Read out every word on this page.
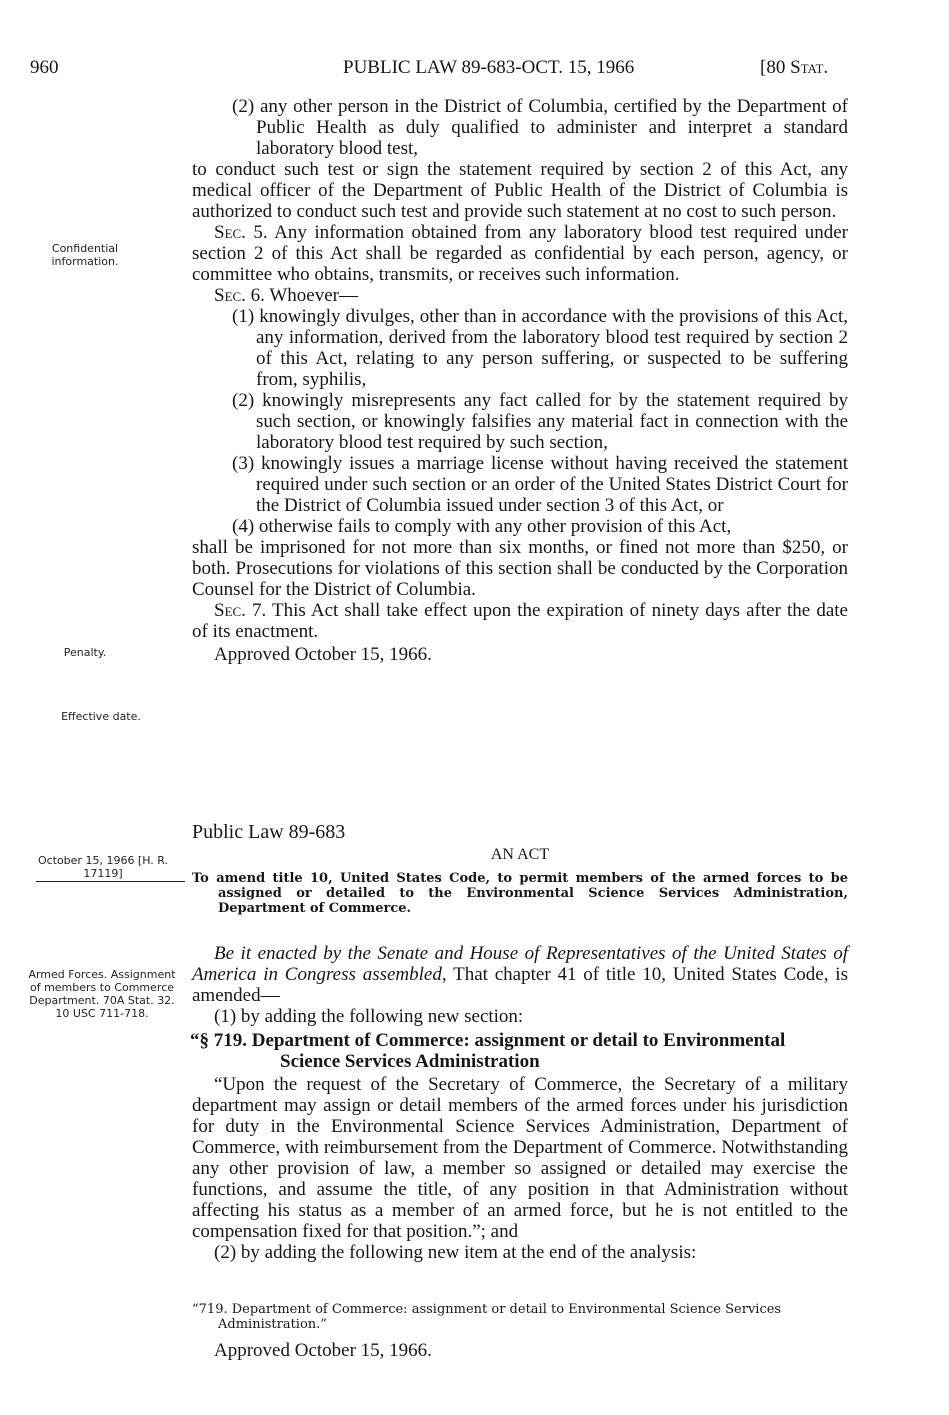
960	PUBLIC LAW 89-683-OCT. 15, 1966	[80 Stat.
Confidential information.
Penalty.
Effective date.
October 15, 1966 [H. R. 17119]
Armed Forces. Assignment of members to Commerce Department. 70A Stat. 32. 10 USC 711-718.

(2) any other person in the District of Columbia, certified by the Department of Public Health as duly qualified to administer and interpret a standard laboratory blood test,

to conduct such test or sign the statement required by section 2 of this Act, any medical officer of the Department of Public Health of the District of Columbia is authorized to conduct such test and provide such statement at no cost to such person.

Sec. 5. Any information obtained from any laboratory blood test required under section 2 of this Act shall be regarded as confidential by each person, agency, or committee who obtains, transmits, or receives such information.

Sec. 6. Whoever—

(1) knowingly divulges, other than in accordance with the provisions of this Act, any information, derived from the laboratory blood test required by section 2 of this Act, relating to any person suffering, or suspected to be suffering from, syphilis,

(2) knowingly misrepresents any fact called for by the statement required by such section, or knowingly falsifies any material fact in connection with the laboratory blood test required by such section,

(3) knowingly issues a marriage license without having received the statement required under such section or an order of the United States District Court for the District of Columbia issued under section 3 of this Act, or

(4) otherwise fails to comply with any other provision of this Act,

shall be imprisoned for not more than six months, or fined not more than $250, or both. Prosecutions for violations of this section shall be conducted by the Corporation Counsel for the District of Columbia.

Sec. 7. This Act shall take effect upon the expiration of ninety days after the date of its enactment.

Approved October 15, 1966.

Public Law 89-683
AN ACT
To amend title 10, United States Code, to permit members of the armed forces to be assigned or detailed to the Environmental Science Services Administration, Department of Commerce.

Be it enacted by the Senate and House of Representatives of the United States of America in Congress assembled, That chapter 41 of title 10, United States Code, is amended—

(1) by adding the following new section:

“§ 719. Department of Commerce: assignment or detail to Environmental Science Services Administration

“Upon the request of the Secretary of Commerce, the Secretary of a military department may assign or detail members of the armed forces under his jurisdiction for duty in the Environmental Science Services Administration, Department of Commerce, with reimbursement from the Department of Commerce. Notwithstanding any other provision of law, a member so assigned or detailed may exercise the functions, and assume the title, of any position in that Administration without affecting his status as a member of an armed force, but he is not entitled to the compensation fixed for that position.”; and

(2) by adding the following new item at the end of the analysis:

“719. Department of Commerce: assignment or detail to Environmental Science Services Administration.”
Approved October 15, 1966.
